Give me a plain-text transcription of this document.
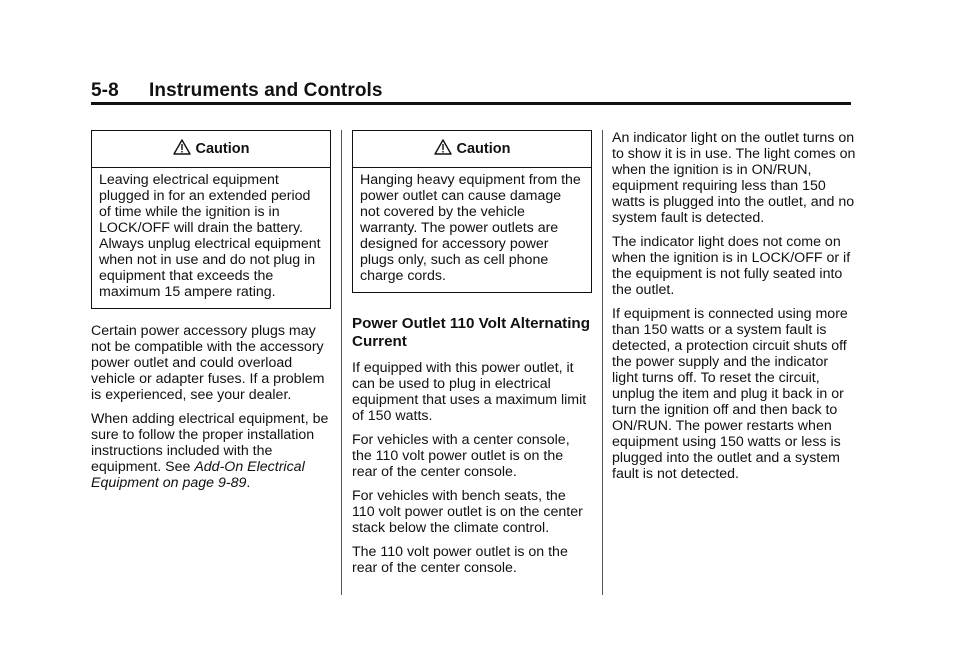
5-8 Instruments and Controls
Caution
Leaving electrical equipment plugged in for an extended period of time while the ignition is in LOCK/OFF will drain the battery. Always unplug electrical equipment when not in use and do not plug in equipment that exceeds the maximum 15 ampere rating.

Certain power accessory plugs may not be compatible with the accessory power outlet and could overload vehicle or adapter fuses. If a problem is experienced, see your dealer.

When adding electrical equipment, be sure to follow the proper installation instructions included with the equipment. See Add-On Electrical Equipment on page 9-89.

Caution
Hanging heavy equipment from the power outlet can cause damage not covered by the vehicle warranty. The power outlets are designed for accessory power plugs only, such as cell phone charge cords.
Power Outlet 110 Volt Alternating Current

If equipped with this power outlet, it can be used to plug in electrical equipment that uses a maximum limit of 150 watts.

For vehicles with a center console, the 110 volt power outlet is on the rear of the center console.

For vehicles with bench seats, the 110 volt power outlet is on the center stack below the climate control.

The 110 volt power outlet is on the rear of the center console.

An indicator light on the outlet turns on to show it is in use. The light comes on when the ignition is in ON/RUN, equipment requiring less than 150 watts is plugged into the outlet, and no system fault is detected.

The indicator light does not come on when the ignition is in LOCK/OFF or if the equipment is not fully seated into the outlet.

If equipment is connected using more than 150 watts or a system fault is detected, a protection circuit shuts off the power supply and the indicator light turns off. To reset the circuit, unplug the item and plug it back in or turn the ignition off and then back to ON/RUN. The power restarts when equipment using 150 watts or less is plugged into the outlet and a system fault is not detected.
